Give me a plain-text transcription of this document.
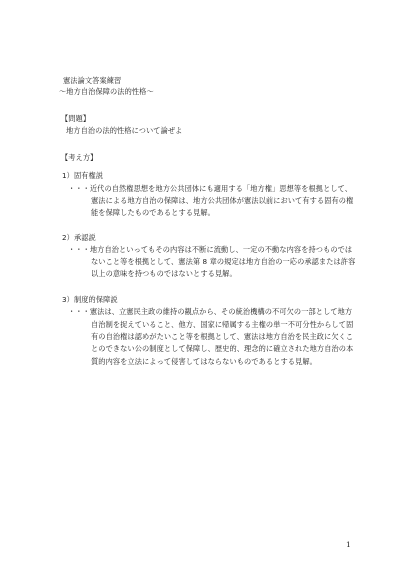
憲法論文答案練習
～地方自治保障の法的性格～
【問題】
地方自治の法的性格について論ぜよ
【考え方】
1）固有権説
・・・近代の自然権思想を地方公共団体にも適用する「地方権」思想等を根拠として、
憲法による地方自治の保障は、地方公共団体が憲法以前において有する固有の権
能を保障したものであるとする見解。
2）承認説
・・・地方自治といってもその内容は不断に流動し、一定の不動な内容を持つものでは
ないこと等を根拠として、憲法第 8 章の規定は地方自治の一応の承認または許容
以上の意味を持つものではないとする見解。
3）制度的保障説
・・・憲法は、立憲民主政の維持の観点から、その統治機構の不可欠の一部として地方
自治制を捉えていること、他方、国家に帰属する主権の単一不可分性からして固
有の自治権は認めがたいこと等を根拠として、憲法は地方自治を民主政に欠くこ
とのできない公の制度として保障し、歴史的、理念的に確立された地方自治の本
質的内容を立法によって侵害してはならないものであるとする見解。
1
